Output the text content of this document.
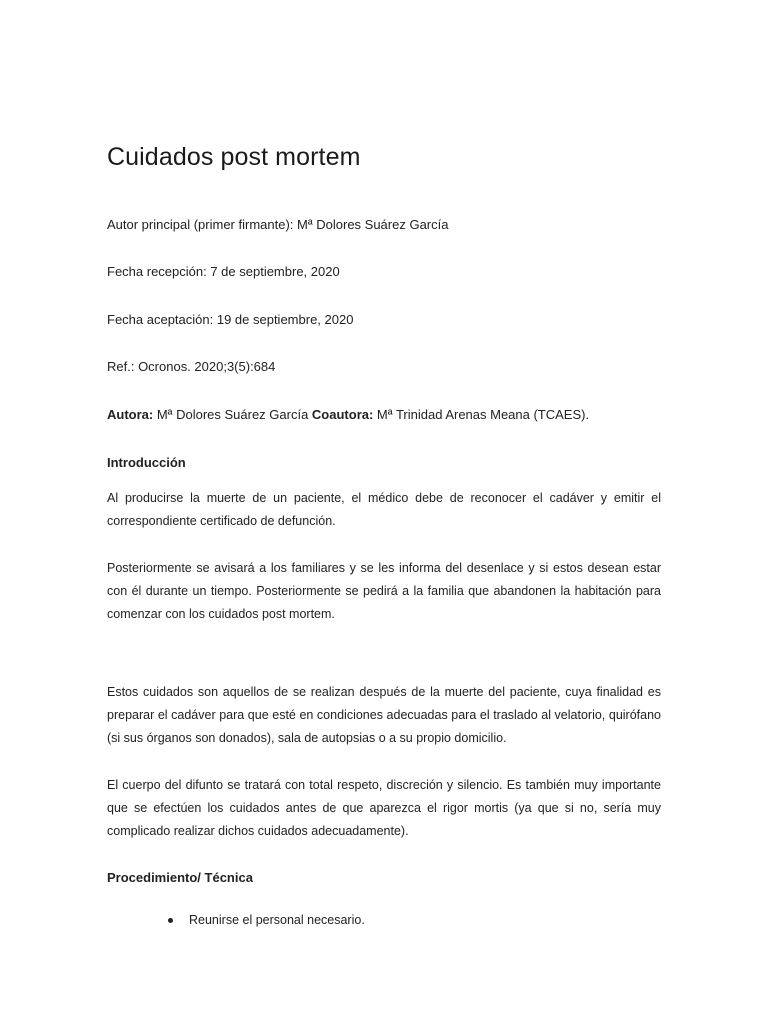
Cuidados post mortem

Autor principal (primer firmante): Mª Dolores Suárez García

Fecha recepción: 7 de septiembre, 2020

Fecha aceptación: 19 de septiembre, 2020

Ref.: Ocronos. 2020;3(5):684

Autora: Mª Dolores Suárez García Coautora: Mª Trinidad Arenas Meana (TCAES).

Introducción

Al producirse la muerte de un paciente, el médico debe de reconocer el cadáver y emitir el correspondiente certificado de defunción.

Posteriormente se avisará a los familiares y se les informa del desenlace y si estos desean estar con él durante un tiempo. Posteriormente se pedirá a la familia que abandonen la habitación para comenzar con los cuidados post mortem.

Estos cuidados son aquellos de se realizan después de la muerte del paciente, cuya finalidad es preparar el cadáver para que esté en condiciones adecuadas para el traslado al velatorio, quirófano (si sus órganos son donados), sala de autopsias o a su propio domicilio.

El cuerpo del difunto se tratará con total respeto, discreción y silencio. Es también muy importante que se efectúen los cuidados antes de que aparezca el rigor mortis (ya que si no, sería muy complicado realizar dichos cuidados adecuadamente).

Procedimiento/ Técnica
Reunirse el personal necesario.
